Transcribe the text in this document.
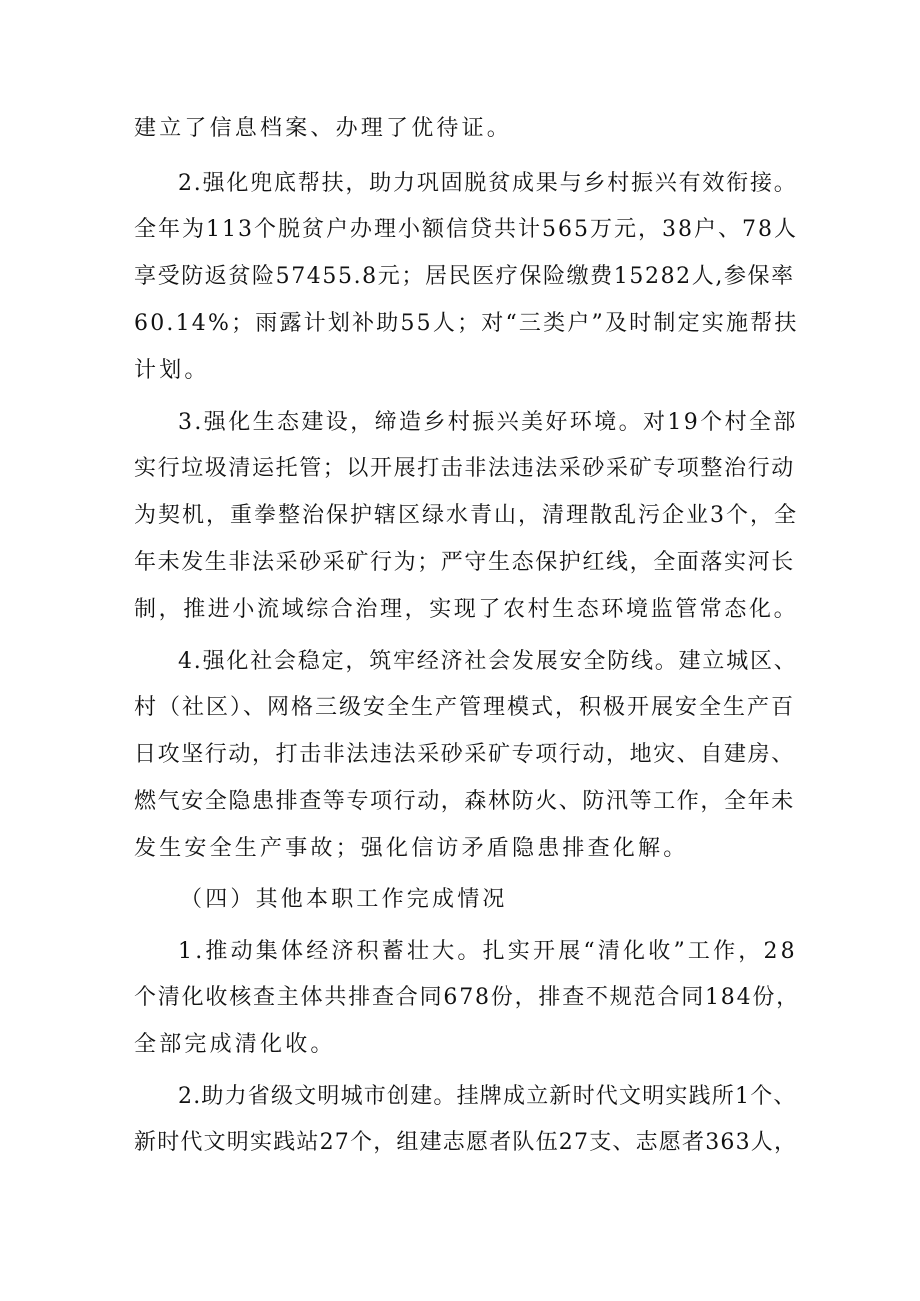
建立了信息档案、办理了优待证。
2.强化兜底帮扶，助力巩固脱贫成果与乡村振兴有效衔接。
全年为113个脱贫户办理小额信贷共计565万元，38户、78人
享受防返贫险57455.8元；居民医疗保险缴费15282人,参保率
60.14%；雨露计划补助55人；对“三类户”及时制定实施帮扶
计划。
3.强化生态建设，缔造乡村振兴美好环境。对19个村全部
实行垃圾清运托管；以开展打击非法违法采砂采矿专项整治行动
为契机，重拳整治保护辖区绿水青山，清理散乱污企业3个，全
年未发生非法采砂采矿行为；严守生态保护红线，全面落实河长
制，推进小流域综合治理，实现了农村生态环境监管常态化。
4.强化社会稳定，筑牢经济社会发展安全防线。建立城区、
村（社区）、网格三级安全生产管理模式，积极开展安全生产百
日攻坚行动，打击非法违法采砂采矿专项行动，地灾、自建房、
燃气安全隐患排查等专项行动，森林防火、防汛等工作，全年未
发生安全生产事故；强化信访矛盾隐患排查化解。
（四）其他本职工作完成情况
1.推动集体经济积蓄壮大。扎实开展“清化收”工作，28
个清化收核查主体共排查合同678份，排查不规范合同184份，
全部完成清化收。
2.助力省级文明城市创建。挂牌成立新时代文明实践所1个、
新时代文明实践站27个，组建志愿者队伍27支、志愿者363人，
